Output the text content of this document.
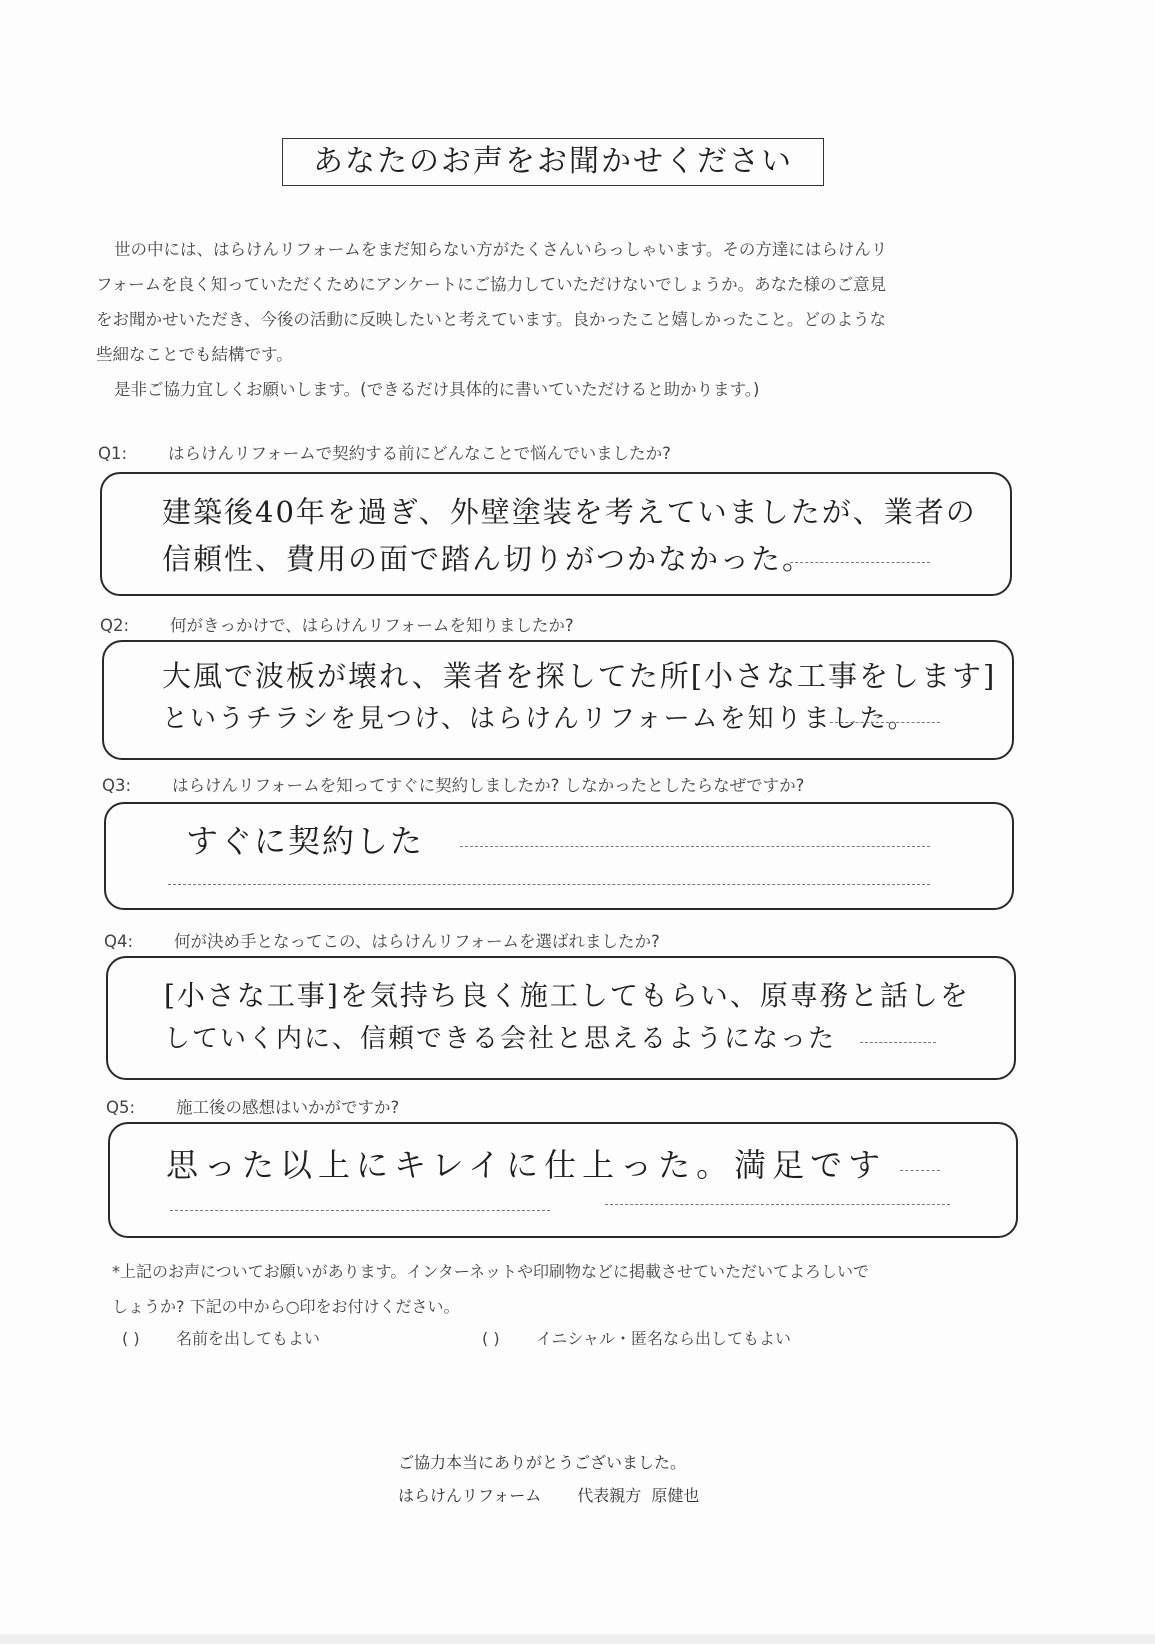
あなたのお声をお聞かせください

世の中には、はらけんリフォームをまだ知らない方がたくさんいらっしゃいます。その方達にはらけんリ

フォームを良く知っていただくためにアンケートにご協力していただけないでしょうか。あなた様のご意見

をお聞かせいただき、今後の活動に反映したいと考えています。良かったこと嬉しかったこと。どのような

些細なことでも結構です。

是非ご協力宜しくお願いします。(できるだけ具体的に書いていただけると助かります。)

Q1: はらけんリフォームで契約する前にどんなことで悩んでいましたか?
建築後40年を過ぎ、外壁塗装を考えていましたが、業者の
信頼性、費用の面で踏ん切りがつかなかった。
Q2: 何がきっかけで、はらけんリフォームを知りましたか?
大風で波板が壊れ、業者を探してた所[小さな工事をします]
というチラシを見つけ、はらけんリフォームを知りました。
Q3: はらけんリフォームを知ってすぐに契約しましたか? しなかったとしたらなぜですか?
すぐに契約した
Q4: 何が決め手となってこの、はらけんリフォームを選ばれましたか?
[小さな工事]を気持ち良く施工してもらい、原専務と話しを
していく内に、信頼できる会社と思えるようになった
Q5: 施工後の感想はいかがですか?
思った以上にキレイに仕上った。満足です

*上記のお声についてお願いがあります。インターネットや印刷物などに掲載させていただいてよろしいで

しょうか? 下記の中から○印をお付けください。

( ) 名前を出してもよい	( ) イニシャル・匿名なら出してもよい

ご協力本当にありがとうございました。

はらけんリフォーム 代表親方 原健也
